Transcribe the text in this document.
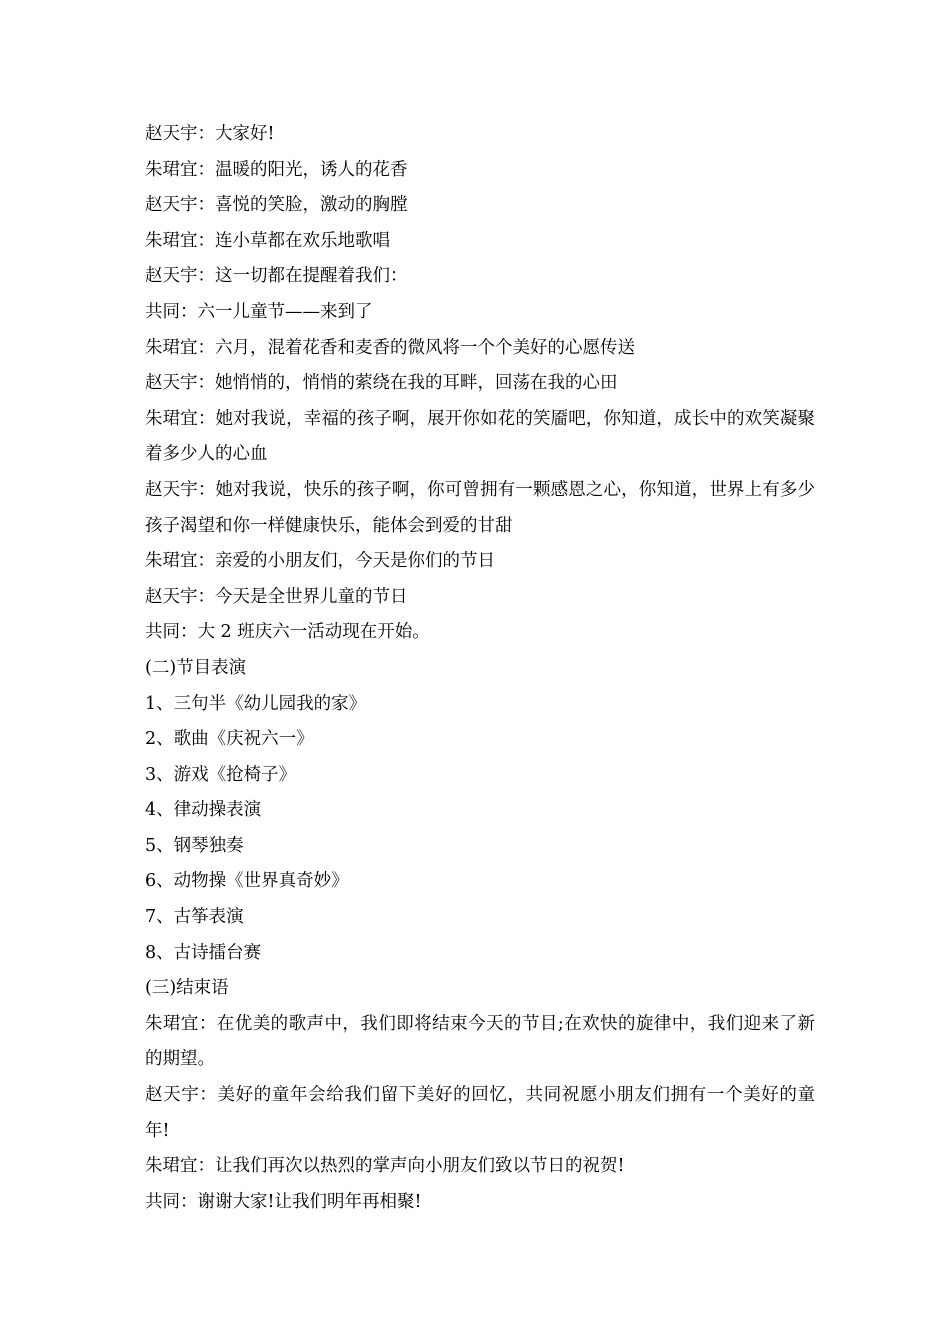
赵天宇：大家好!

朱珺宜：温暖的阳光，诱人的花香

赵天宇：喜悦的笑脸，激动的胸膛

朱珺宜：连小草都在欢乐地歌唱

赵天宇：这一切都在提醒着我们：

共同：六一儿童节——来到了

朱珺宜：六月，混着花香和麦香的微风将一个个美好的心愿传送

赵天宇：她悄悄的，悄悄的萦绕在我的耳畔，回荡在我的心田

朱珺宜：她对我说，幸福的孩子啊，展开你如花的笑靥吧，你知道，成长中的欢笑凝聚着多少人的心血

赵天宇：她对我说，快乐的孩子啊，你可曾拥有一颗感恩之心，你知道，世界上有多少孩子渴望和你一样健康快乐，能体会到爱的甘甜

朱珺宜：亲爱的小朋友们，今天是你们的节日

赵天宇：今天是全世界儿童的节日

共同：大 2 班庆六一活动现在开始。

(二)节目表演

1、三句半《幼儿园我的家》

2、歌曲《庆祝六一》

3、游戏《抢椅子》

4、律动操表演

5、钢琴独奏

6、动物操《世界真奇妙》

7、古筝表演

8、古诗擂台赛

(三)结束语

朱珺宜：在优美的歌声中，我们即将结束今天的节目;在欢快的旋律中，我们迎来了新的期望。

赵天宇：美好的童年会给我们留下美好的回忆，共同祝愿小朋友们拥有一个美好的童年!

朱珺宜：让我们再次以热烈的掌声向小朋友们致以节日的祝贺!

共同：谢谢大家!让我们明年再相聚!
